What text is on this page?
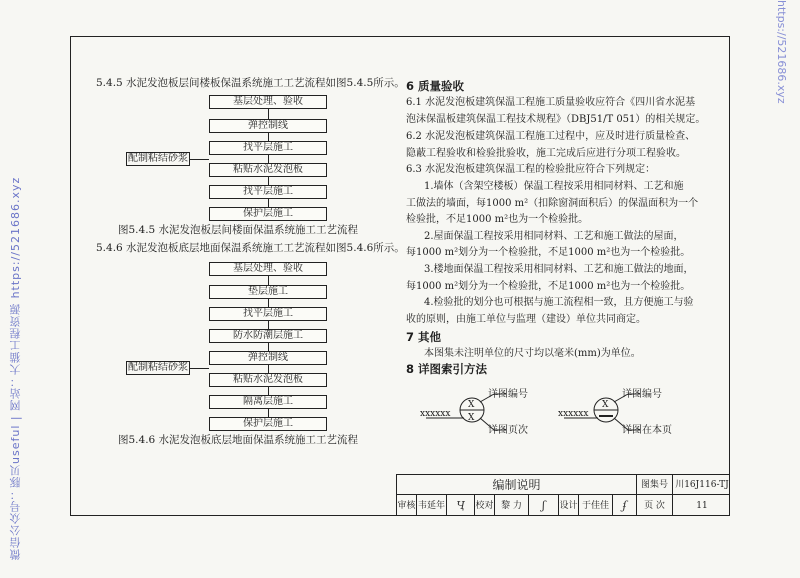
微信公众号：豚贝useful | 网站：大猫工程资源 https://521686.xyz
https://521686.xyz
5.4.5 水泥发泡板层间楼板保温系统施工工艺流程如图5.4.5所示。
基层处理、验收
弹控制线
找平层施工
粘贴水泥发泡板
找平层施工
保护层施工
配制粘结砂浆
图5.4.5 水泥发泡板层间楼面保温系统施工工艺流程
5.4.6 水泥发泡板底层地面保温系统施工工艺流程如图5.4.6所示。
基层处理、验收
垫层施工
找平层施工
防水防潮层施工
弹控制线
粘贴水泥发泡板
隔离层施工
保护层施工
配制粘结砂浆
图5.4.6 水泥发泡板底层地面保温系统施工工艺流程
6 质量验收
6.1 水泥发泡板建筑保温工程施工质量验收应符合《四川省水泥基
泡沫保温板建筑保温工程技术规程》（DBJ51/T 051）的相关规定。
6.2 水泥发泡板建筑保温工程施工过程中，应及时进行质量检查、
隐蔽工程验收和检验批验收，施工完成后应进行分项工程验收。
6.3 水泥发泡板建筑保温工程的检验批应符合下列规定：
1.墙体（含架空楼板）保温工程按采用相同材料、工艺和施
工做法的墙面，每1000 m²（扣除窗洞面积后）的保温面积为一个
检验批，不足1000 m²也为一个检验批。
2.屋面保温工程按采用相同材料、工艺和施工做法的屋面，
每1000 m²划分为一个检验批，不足1000 m²也为一个检验批。
3.楼地面保温工程按采用相同材料、工艺和施工做法的地面，
每1000 m²划分为一个检验批，不足1000 m²也为一个检验批。
4.检验批的划分也可根据与施工流程相一致，且方便施工与验
收的原则，由施工单位与监理（建设）单位共同商定。
7 其他
本图集未注明单位的尺寸均以毫米(mm)为单位。
8 详图索引方法
X
X
X
xxxxxx
详图编号
详图页次
xxxxxx
详图编号
详图在本页
编制说明	图集号 川16J116-TJ
审核 韦延年	Ҷ	校对 黎 力	ʃ	设计 于佳佳	ʄ	页 次	11
